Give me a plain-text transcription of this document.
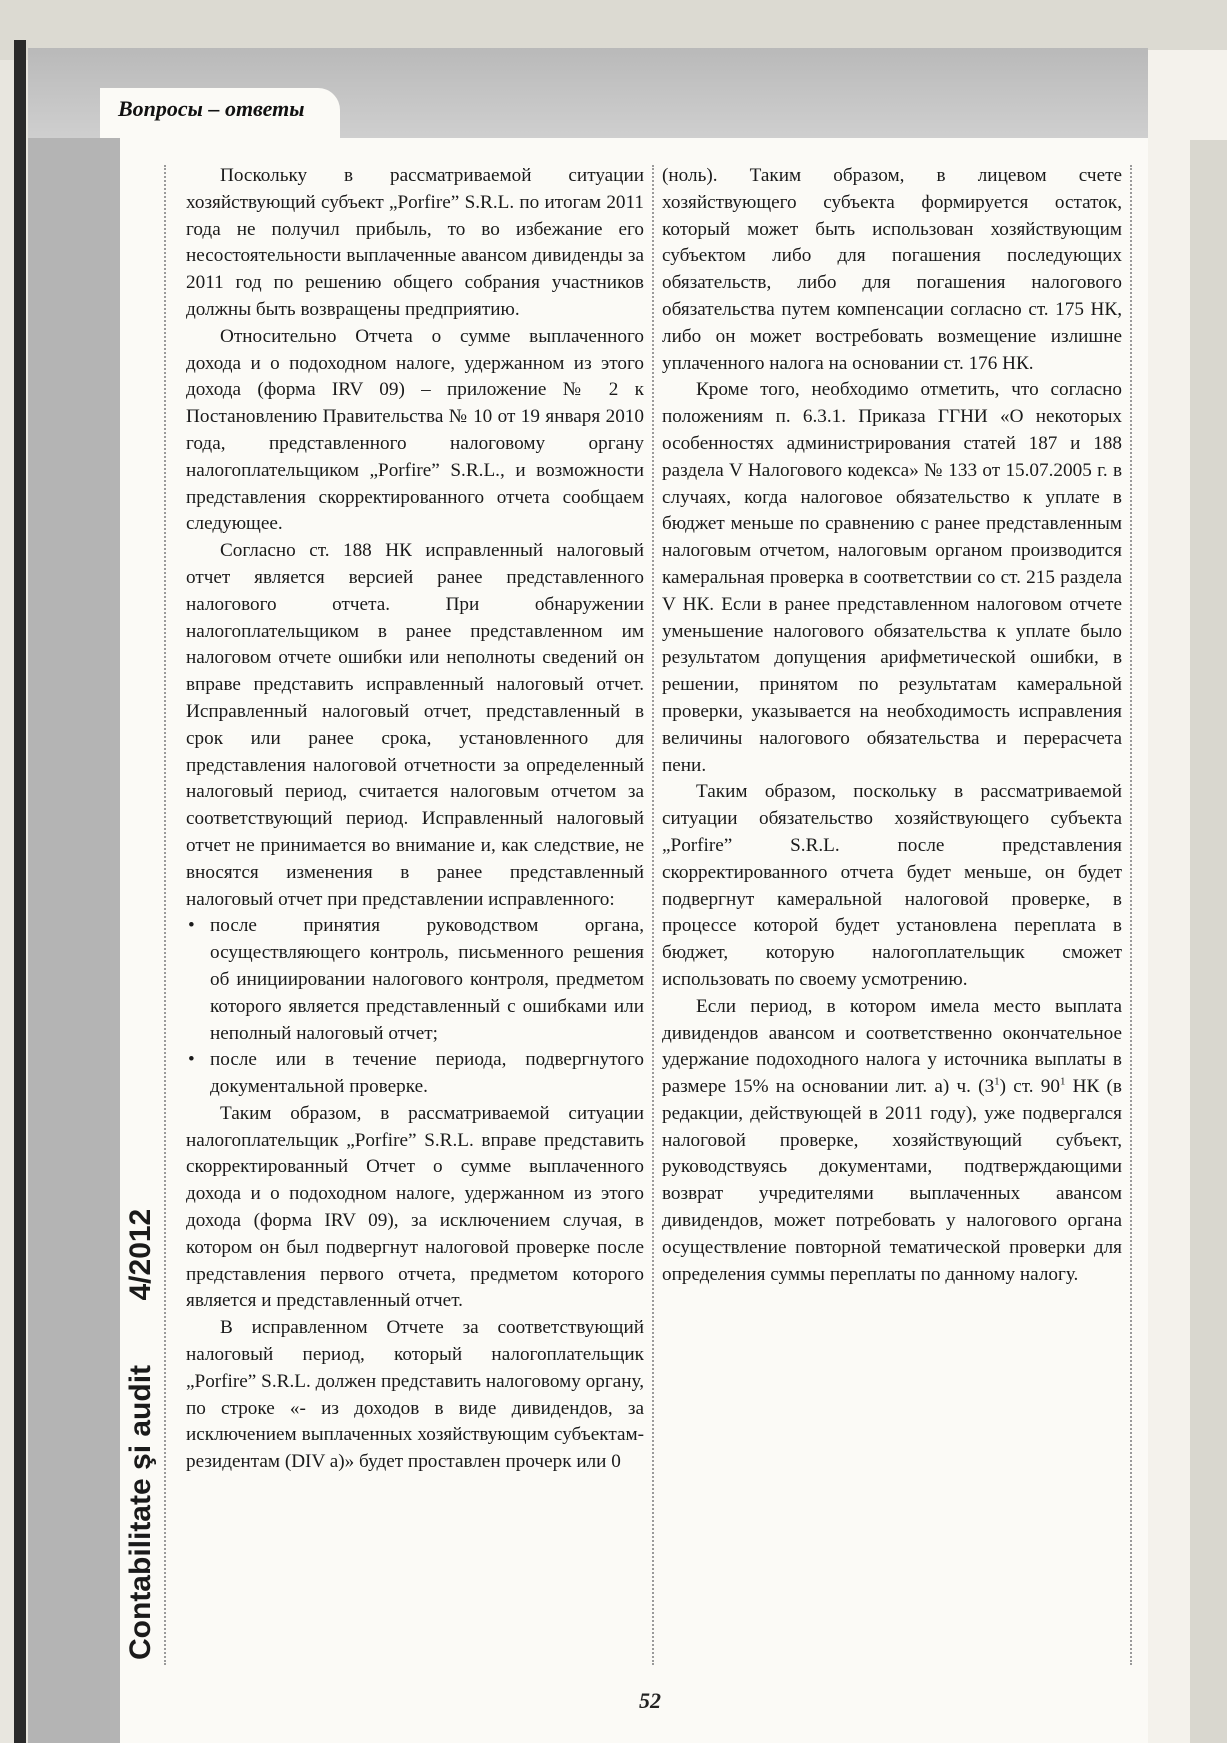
Вопросы – ответы
Contabilitate şi audit 4/2012

Поскольку в рассматриваемой ситуации хозяйствующий субъект „Porfire” S.R.L. по итогам 2011 года не получил прибыль, то во избежание его несостоятельности выплаченные авансом дивиденды за 2011 год по решению общего собрания участников должны быть возвращены предприятию.

Относительно Отчета о сумме выплаченного дохода и о подоходном налоге, удержанном из этого дохода (форма IRV 09) – приложение № 2 к Постановлению Правительства № 10 от 19 января 2010 года, представленного налоговому органу налогоплательщиком „Porfire” S.R.L., и возможности представления скорректированного отчета сообщаем следующее.

Согласно ст. 188 НК исправленный налоговый отчет является версией ранее представленного налогового отчета. При обнаружении налогоплательщиком в ранее представленном им налоговом отчете ошибки или неполноты сведений он вправе представить исправленный налоговый отчет. Исправленный налоговый отчет, представленный в срок или ранее срока, установленного для представления налоговой отчетности за определенный налоговый период, считается налоговым отчетом за соответствующий период. Исправленный налоговый отчет не принимается во внимание и, как следствие, не вносятся изменения в ранее представленный налоговый отчет при представлении исправленного:

• после принятия руководством органа, осуществляющего контроль, письменного решения об инициировании налогового контроля, предметом которого является представленный с ошибками или неполный налоговый отчет;
• после или в течение периода, подвергнутого документальной проверке.

Таким образом, в рассматриваемой ситуации налогоплательщик „Porfire” S.R.L. вправе представить скорректированный Отчет о сумме выплаченного дохода и о подоходном налоге, удержанном из этого дохода (форма IRV 09), за исключением случая, в котором он был подвергнут налоговой проверке после представления первого отчета, предметом которого является и представленный отчет.

В исправленном Отчете за соответствующий налоговый период, который налогоплательщик „Porfire” S.R.L. должен представить налоговому органу, по строке «- из доходов в виде дивидендов, за исключением выплаченных хозяйствующим субъектам-резидентам (DIV a)» будет проставлен прочерк или 0

(ноль). Таким образом, в лицевом счете хозяйствующего субъекта формируется остаток, который может быть использован хозяйствующим субъектом либо для погашения последующих обязательств, либо для погашения налогового обязательства путем компенсации согласно ст. 175 НК, либо он может востребовать возмещение излишне уплаченного налога на основании ст. 176 НК.

Кроме того, необходимо отметить, что согласно положениям п. 6.3.1. Приказа ГГНИ «О некоторых особенностях администрирования статей 187 и 188 раздела V Налогового кодекса» № 133 от 15.07.2005 г. в случаях, когда налоговое обязательство к уплате в бюджет меньше по сравнению с ранее представленным налоговым отчетом, налоговым органом производится камеральная проверка в соответствии со ст. 215 раздела V НК. Если в ранее представленном налоговом отчете уменьшение налогового обязательства к уплате было результатом допущения арифметической ошибки, в решении, принятом по результатам камеральной проверки, указывается на необходимость исправления величины налогового обязательства и перерасчета пени.

Таким образом, поскольку в рассматриваемой ситуации обязательство хозяйствующего субъекта „Porfire” S.R.L. после представления скорректированного отчета будет меньше, он будет подвергнут камеральной налоговой проверке, в процессе которой будет установлена переплата в бюджет, которую налогоплательщик сможет использовать по своему усмотрению.

Если период, в котором имела место выплата дивидендов авансом и соответственно окончательное удержание подоходного налога у источника выплаты в размере 15% на основании лит. а) ч. $(3^1)$ ст. $90^1$ НК (в редакции, действующей в 2011 году), уже подвергался налоговой проверке, хозяйствующий субъект, руководствуясь документами, подтверждающими возврат учредителями выплаченных авансом дивидендов, может потребовать у налогового органа осуществление повторной тематической проверки для определения суммы переплаты по данному налогу.

52
